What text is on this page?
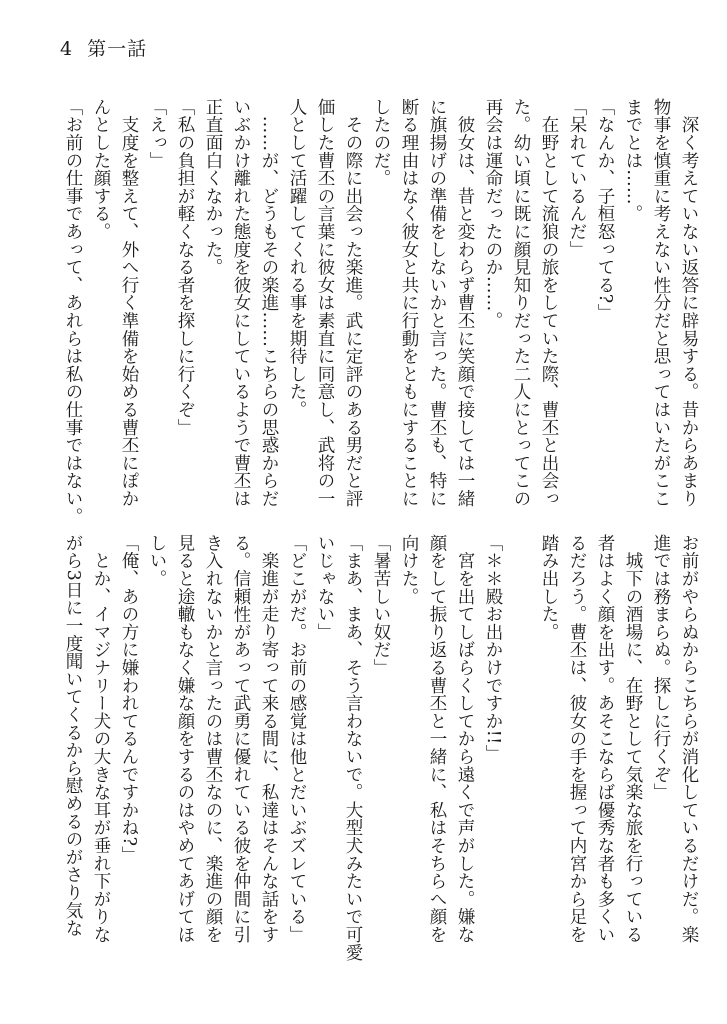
4 第一話
　深く考えていない返答に辟易する。昔からあまり
物事を慎重に考えない性分だと思ってはいたがここ
までとは……。
「なんか、子桓怒ってる?」
「呆れているんだ」
　在野として流狼の旅をしていた際、曹丕と出会っ
た。幼い頃に既に顔見知りだった二人にとってこの
再会は運命だったのか……。
　彼女は、昔と変わらず曹丕に笑顔で接しては一緒
に旗揚げの準備をしないかと言った。曹丕も、特に
断る理由はなく彼女と共に行動をともにすることに
したのだ。
　その際に出会った楽進。武に定評のある男だと評
価した曹丕の言葉に彼女は素直に同意し、武将の一
人として活躍してくれる事を期待した。
　……が、どうもその楽進……こちらの思惑からだ
いぶかけ離れた態度を彼女にしているようで曹丕は
正直面白くなかった。
「私の負担が軽くなる者を探しに行くぞ」
「えっ」
　支度を整えて、外へ行く準備を始める曹丕にぽか
んとした顔する。
「お前の仕事であって、あれらは私の仕事ではない。
お前がやらぬからこちらが消化しているだけだ。楽
進では務まらぬ。探しに行くぞ」
　城下の酒場に、在野として気楽な旅を行っている
者はよく顔を出す。あそこならば優秀な者も多くい
るだろう。曹丕は、彼女の手を握って内宮から足を
踏み出した。

「＊＊殿お出かけですか!!」
　宮を出てしばらくしてから遠くで声がした。嫌な
顔をして振り返る曹丕と一緒に、私はそちらへ顔を
向けた。
「暑苦しい奴だ」
「まあ、まあ、そう言わないで。大型犬みたいで可愛
いじゃない」
「どこがだ。お前の感覚は他とだいぶズレている」
　楽進が走り寄って来る間に、私達はそんな話をす
る。信頼性があって武勇に優れている彼を仲間に引
き入れないかと言ったのは曹丕なのに、楽進の顔を
見ると途轍もなく嫌な顔をするのはやめてあげてほ
しい。
「俺、あの方に嫌われてるんですかね?」
　とか、イマジナリー犬の大きな耳が垂れ下がりな
がら3日に一度聞いてくるから慰めるのがさり気な
